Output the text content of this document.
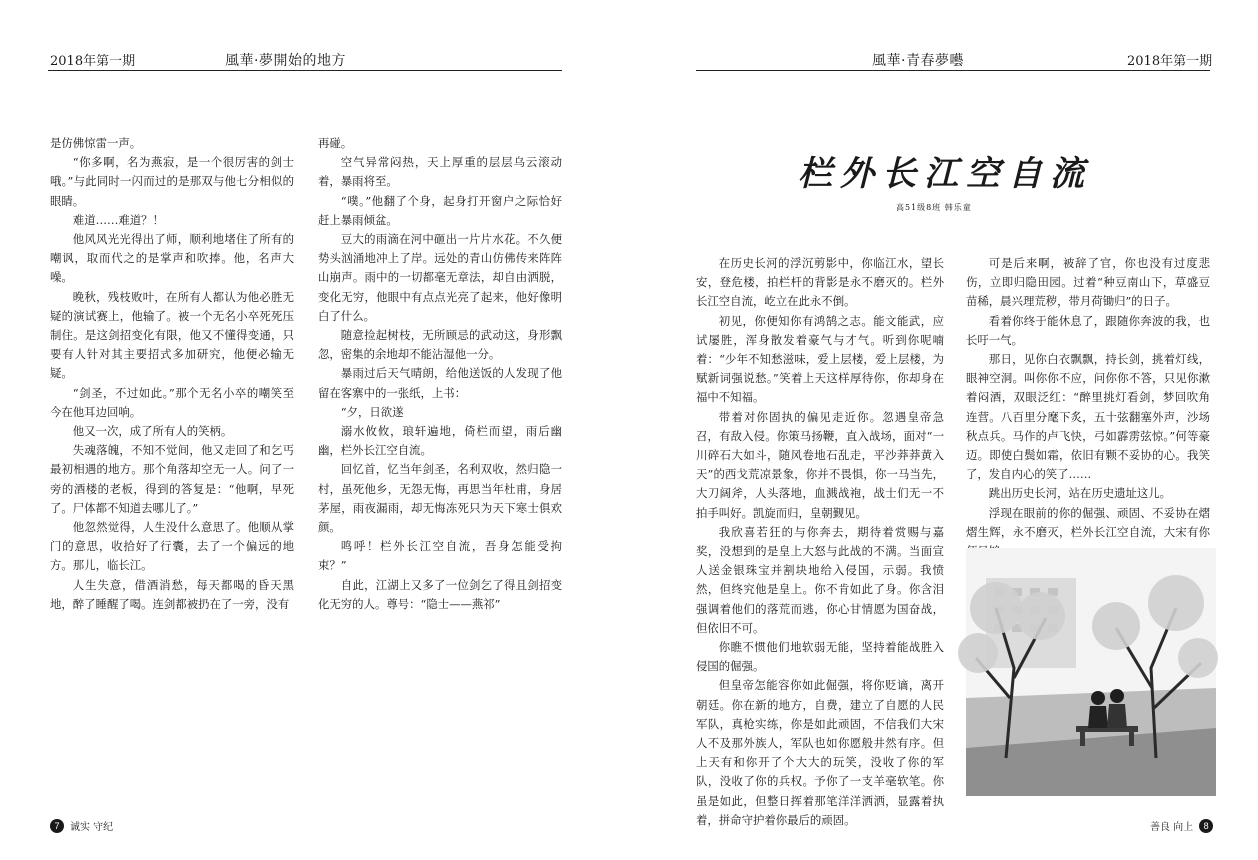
2018年第一期	風華·夢開始的地方

是仿佛惊雷一声。

“你多啊，名为燕寂，是一个很厉害的剑士哦。”与此同时一闪而过的是那双与他七分相似的眼睛。

难道……难道？！

他风风光光得出了师，顺利地堵住了所有的嘲讽，取而代之的是掌声和吹捧。他，名声大噪。

晚秋，残枝败叶，在所有人都认为他必胜无疑的演试赛上，他输了。被一个无名小卒死死压制住。是这剑招变化有限，他又不懂得变通，只要有人针对其主要招式多加研究，他便必输无疑。

“剑圣，不过如此。”那个无名小卒的嘲笑至今在他耳边回响。

他又一次，成了所有人的笑柄。

失魂落魄，不知不觉间，他又走回了和乞丐最初相遇的地方。那个角落却空无一人。问了一旁的酒楼的老板，得到的答复是：“他啊，早死了。尸体都不知道去哪儿了。”

他忽然觉得，人生没什么意思了。他顺从掌门的意思，收拾好了行囊，去了一个偏远的地方。那儿，临长江。

人生失意，借酒消愁，每天都喝的昏天黑地，醉了睡醒了喝。连剑都被扔在了一旁，没有

再碰。

空气异常闷热，天上厚重的层层乌云滚动着，暴雨将至。

“噗。”他翻了个身，起身打开窗户之际恰好赶上暴雨倾盆。

豆大的雨滴在河中砸出一片片水花。不久便势头汹涌地冲上了岸。远处的青山仿佛传来阵阵山崩声。雨中的一切都毫无章法，却自由洒脱，变化无穷，他眼中有点点光亮了起来，他好像明白了什么。

随意捡起树枝，无所顾忌的武动这，身形飘忽，密集的余地却不能沾湿他一分。

暴雨过后天气晴朗，给他送饭的人发现了他留在客寨中的一张纸，上书：

“夕，日欲遂

溺水攸攸，琅轩遍地，倚栏而望，雨后幽幽，栏外长江空自流。

回忆首，忆当年剑圣，名利双收，然归隐一村，虽死他乡，无怨无悔，再思当年杜甫，身居茅屋，雨夜漏雨，却无悔冻死只为天下寒士俱欢颜。

鸣呼！栏外长江空自流，吾身怎能受拘束？”

自此，江湖上又多了一位剑乞了得且剑招变化无穷的人。尊号：“隐士——燕祁”

7	诚实 守纪
風華·青春夢囈	2018年第一期
栏外长江空自流
高51级8班 韩乐童

在历史长河的浮沉剪影中，你临江水，望长安，登危楼，拍栏杆的背影是永不磨灭的。栏外长江空自流，屹立在此永不倒。

初见，你便知你有鸿鹄之志。能文能武，应试屡胜，浑身散发着豪气与才气。听到你呢喃着：“少年不知愁滋味，爱上层楼，爱上层楼，为赋新词强说愁。”笑着上天这样厚待你，你却身在福中不知福。

带着对你固执的偏见走近你。忽遇皇帝急召，有敌入侵。你策马扬鞭，直入战场，面对“一川碎石大如斗，随风卷地石乱走，平沙莽莽黄入天”的西戈荒凉景象，你并不畏惧，你一马当先，大刀阔斧，人头落地，血溅战袍，战士们无一不拍手叫好。凯旋而归，皇朝觐见。

我欣喜若狂的与你奔去，期待着赏赐与嘉奖，没想到的是皇上大怒与此战的不满。当面宣人送金银珠宝并割块地给入侵国，示弱。我愤然，但终究他是皇上。你不肯如此了身。你含泪强调着他们的落荒而逃，你心甘情愿为国奋战，但依旧不可。

你瞧不惯他们地软弱无能，坚持着能战胜入侵国的倔强。

但皇帝怎能容你如此倔强，将你贬谪，离开朝廷。你在新的地方，自费，建立了自愿的人民军队，真枪实练，你是如此顽固，不信我们大宋人不及那外族人，军队也如你愿般井然有序。但上天有和你开了个大大的玩笑，没收了你的军队，没收了你的兵权。予你了一支羊毫软笔。你虽是如此，但整日挥着那笔洋洋洒洒，显露着执着，拼命守护着你最后的顽固。

可是后来啊，被辞了官，你也没有过度悲伤，立即归隐田园。过着“种豆南山下，草盛豆苗稀，晨兴理荒秽，带月荷锄归”的日子。

看着你终于能休息了，跟随你奔波的我，也长吁一气。

那日，见你白衣飘飘，持长剑，挑着灯线，眼神空洞。叫你你不应，问你你不答，只见你漱着闷酒，双眼泛红：“醉里挑灯看剑，梦回吹角连营。八百里分麾下炙，五十弦翻塞外声，沙场秋点兵。马作的卢飞快，弓如霹雳弦惊。”何等豪迈。即使白鬓如霜，依旧有颗不妥协的心。我笑了，发自内心的笑了……

跳出历史长河，站在历史遗址这儿。

浮现在眼前的你的倔强、顽固、不妥协在熠熠生辉，永不磨灭，栏外长江空自流，大宋有你

善良 向上	8
